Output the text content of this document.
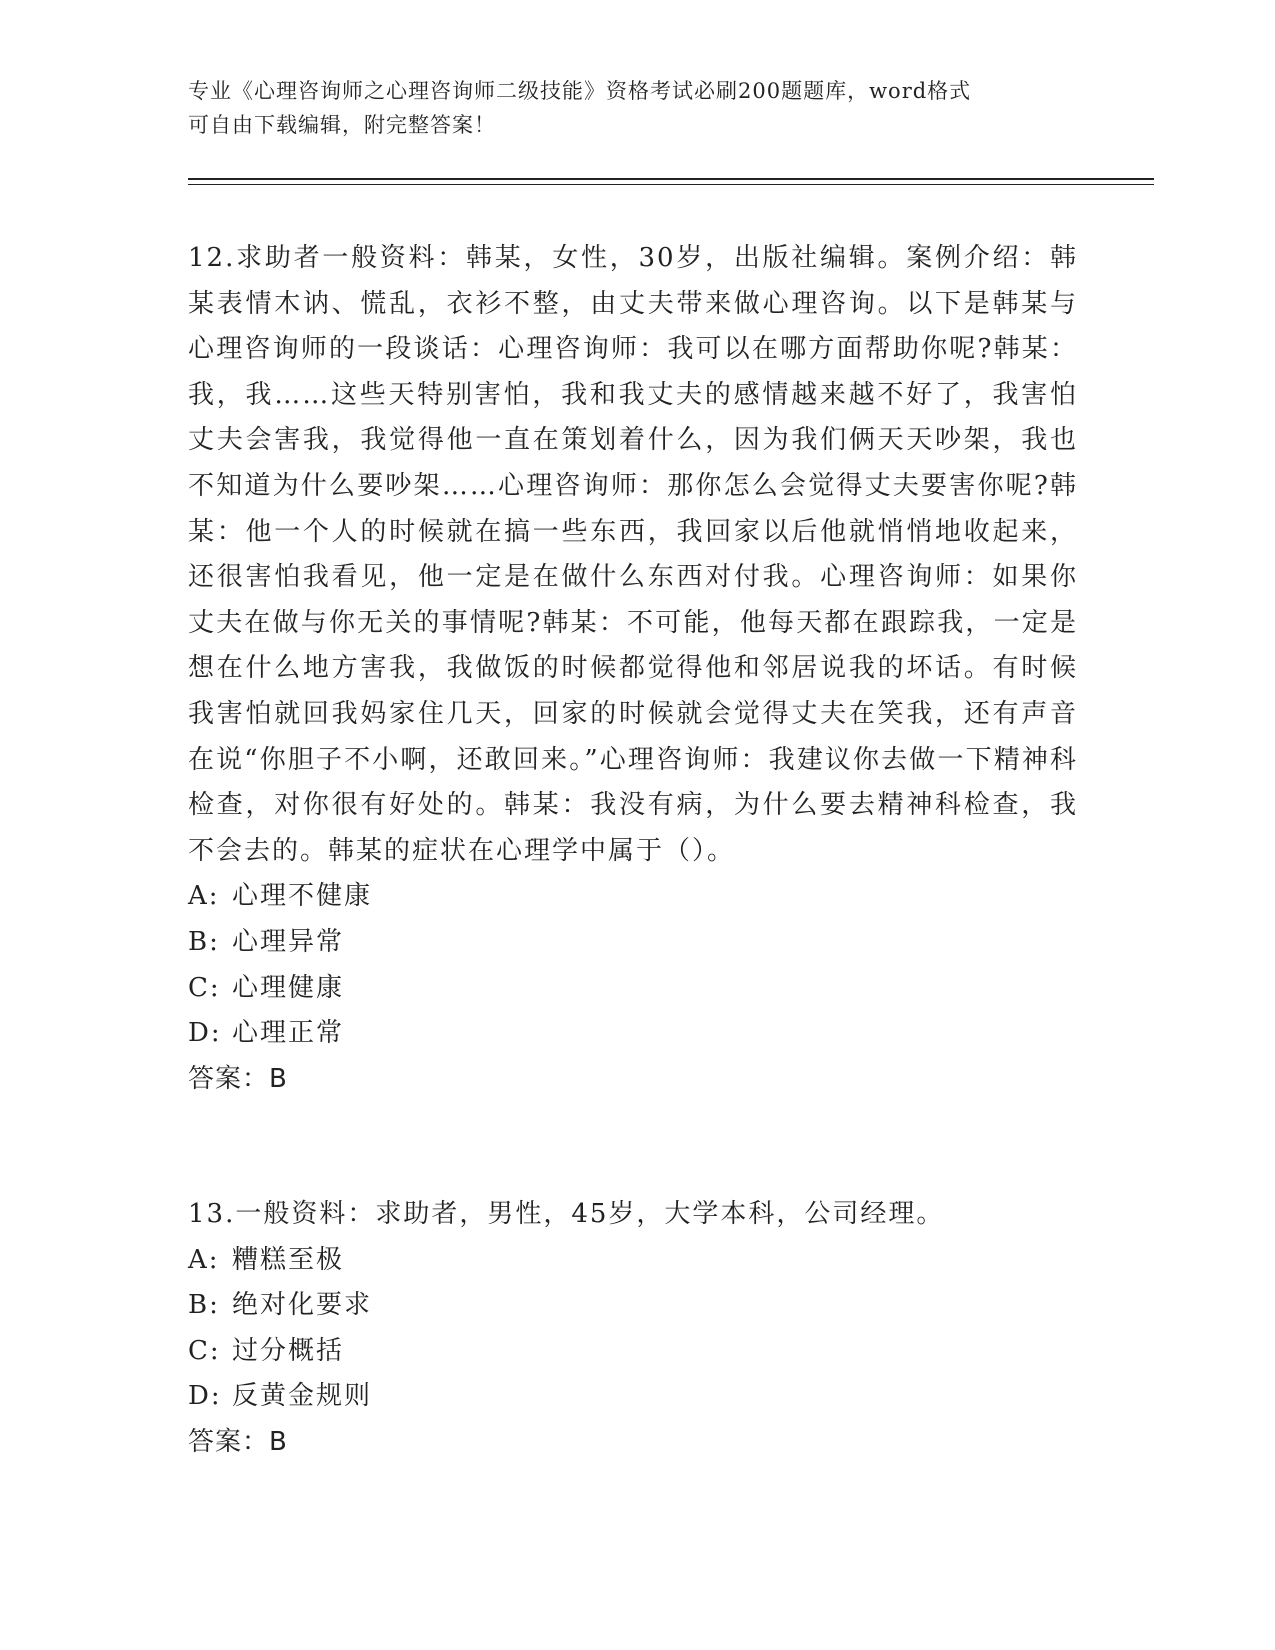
专业《心理咨询师之心理咨询师二级技能》资格考试必刷200题题库，word格式
可自由下载编辑，附完整答案！

12.求助者一般资料：韩某，女性，30岁，出版社编辑。案例介绍：韩某表情木讷、慌乱，衣衫不整，由丈夫带来做心理咨询。以下是韩某与心理咨询师的一段谈话：心理咨询师：我可以在哪方面帮助你呢?韩某：我，我……这些天特别害怕，我和我丈夫的感情越来越不好了，我害怕丈夫会害我，我觉得他一直在策划着什么，因为我们俩天天吵架，我也不知道为什么要吵架……心理咨询师：那你怎么会觉得丈夫要害你呢?韩某：他一个人的时候就在搞一些东西，我回家以后他就悄悄地收起来，还很害怕我看见，他一定是在做什么东西对付我。心理咨询师：如果你丈夫在做与你无关的事情呢?韩某：不可能，他每天都在跟踪我，一定是想在什么地方害我，我做饭的时候都觉得他和邻居说我的坏话。有时候我害怕就回我妈家住几天，回家的时候就会觉得丈夫在笑我，还有声音在说“你胆子不小啊，还敢回来。”心理咨询师：我建议你去做一下精神科检查，对你很有好处的。韩某：我没有病，为什么要去精神科检查，我不会去的。韩某的症状在心理学中属于（）。

A: 心理不健康
B: 心理异常
C: 心理健康
D: 心理正常

答案：B

13.一般资料：求助者，男性，45岁，大学本科，公司经理。

A: 糟糕至极
B: 绝对化要求
C: 过分概括
D: 反黄金规则

答案：B
